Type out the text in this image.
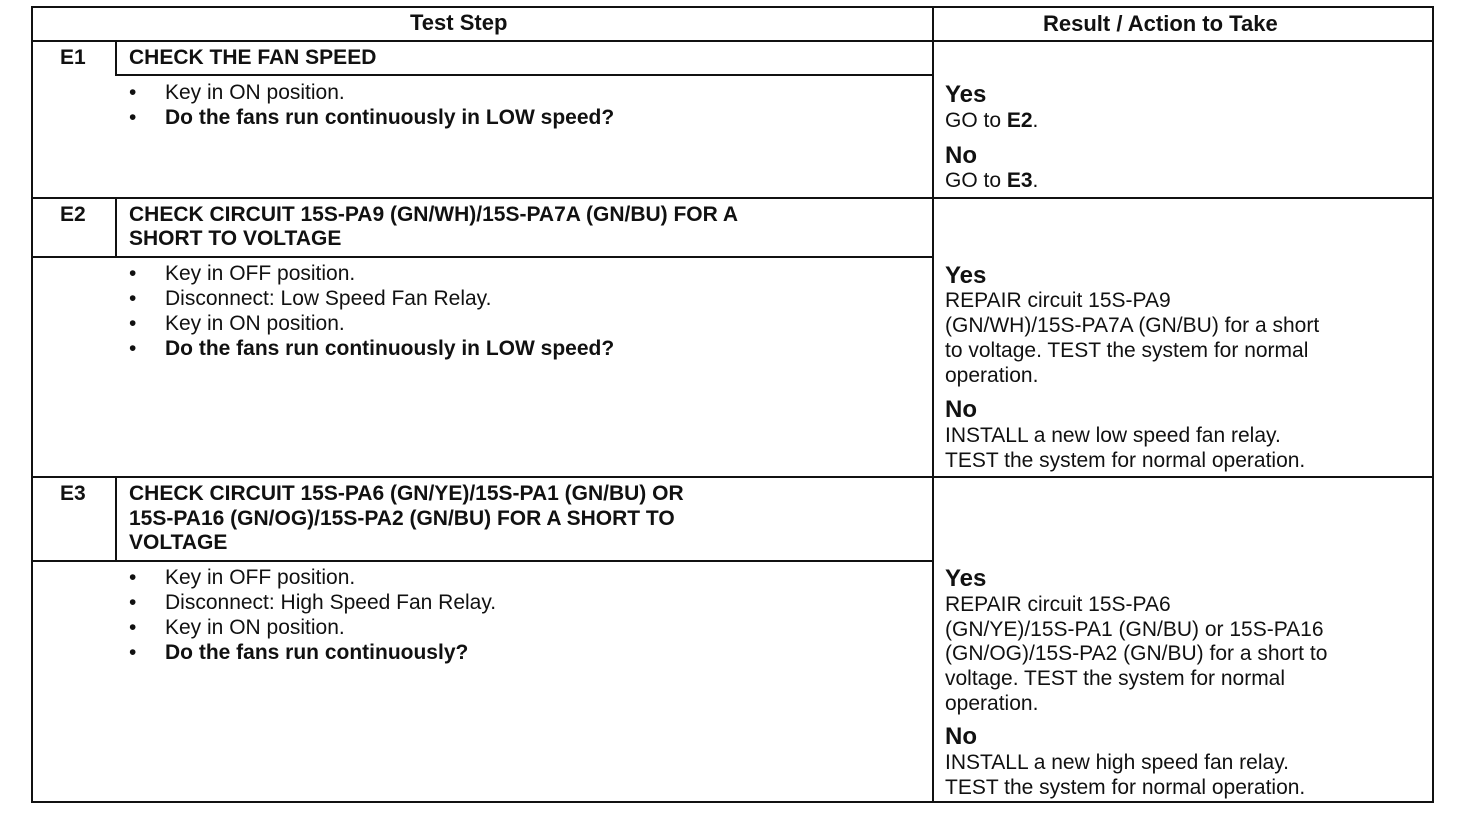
Test Step	Result / Action to Take
E1 CHECK THE FAN SPEED
• Key in ON position.
• Do the fans run continuously in LOW speed?
Yes
GO to E2.
No
GO to E3.
E2 CHECK CIRCUIT 15S-PA9 (GN/WH)/15S-PA7A (GN/BU) FOR A
SHORT TO VOLTAGE
• Key in OFF position.
• Disconnect: Low Speed Fan Relay.
• Key in ON position.
• Do the fans run continuously in LOW speed?
Yes
REPAIR circuit 15S-PA9
(GN/WH)/15S-PA7A (GN/BU) for a short
to voltage. TEST the system for normal
operation.
No
INSTALL a new low speed fan relay.
TEST the system for normal operation.
E3 CHECK CIRCUIT 15S-PA6 (GN/YE)/15S-PA1 (GN/BU) OR
15S-PA16 (GN/OG)/15S-PA2 (GN/BU) FOR A SHORT TO
VOLTAGE
• Key in OFF position.
• Disconnect: High Speed Fan Relay.
• Key in ON position.
• Do the fans run continuously?
Yes
REPAIR circuit 15S-PA6
(GN/YE)/15S-PA1 (GN/BU) or 15S-PA16
(GN/OG)/15S-PA2 (GN/BU) for a short to
voltage. TEST the system for normal
operation.
No
INSTALL a new high speed fan relay.
TEST the system for normal operation.
